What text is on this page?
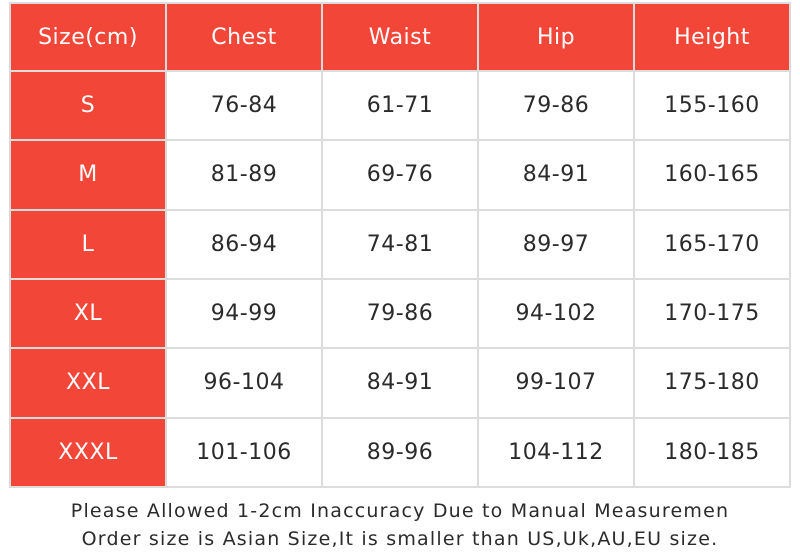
Size(cm)	Chest	Waist	Hip	Height
S	76-84	61-71	79-86	155-160
M	81-89	69-76	84-91	160-165
L	86-94	74-81	89-97	165-170
XL	94-99	79-86	94-102	170-175
XXL	96-104	84-91	99-107	175-180
XXXL	101-106	89-96	104-112	180-185
Please Allowed 1-2cm Inaccuracy Due to Manual Measuremen
Order size is Asian Size,It is smaller than US,Uk,AU,EU size.
